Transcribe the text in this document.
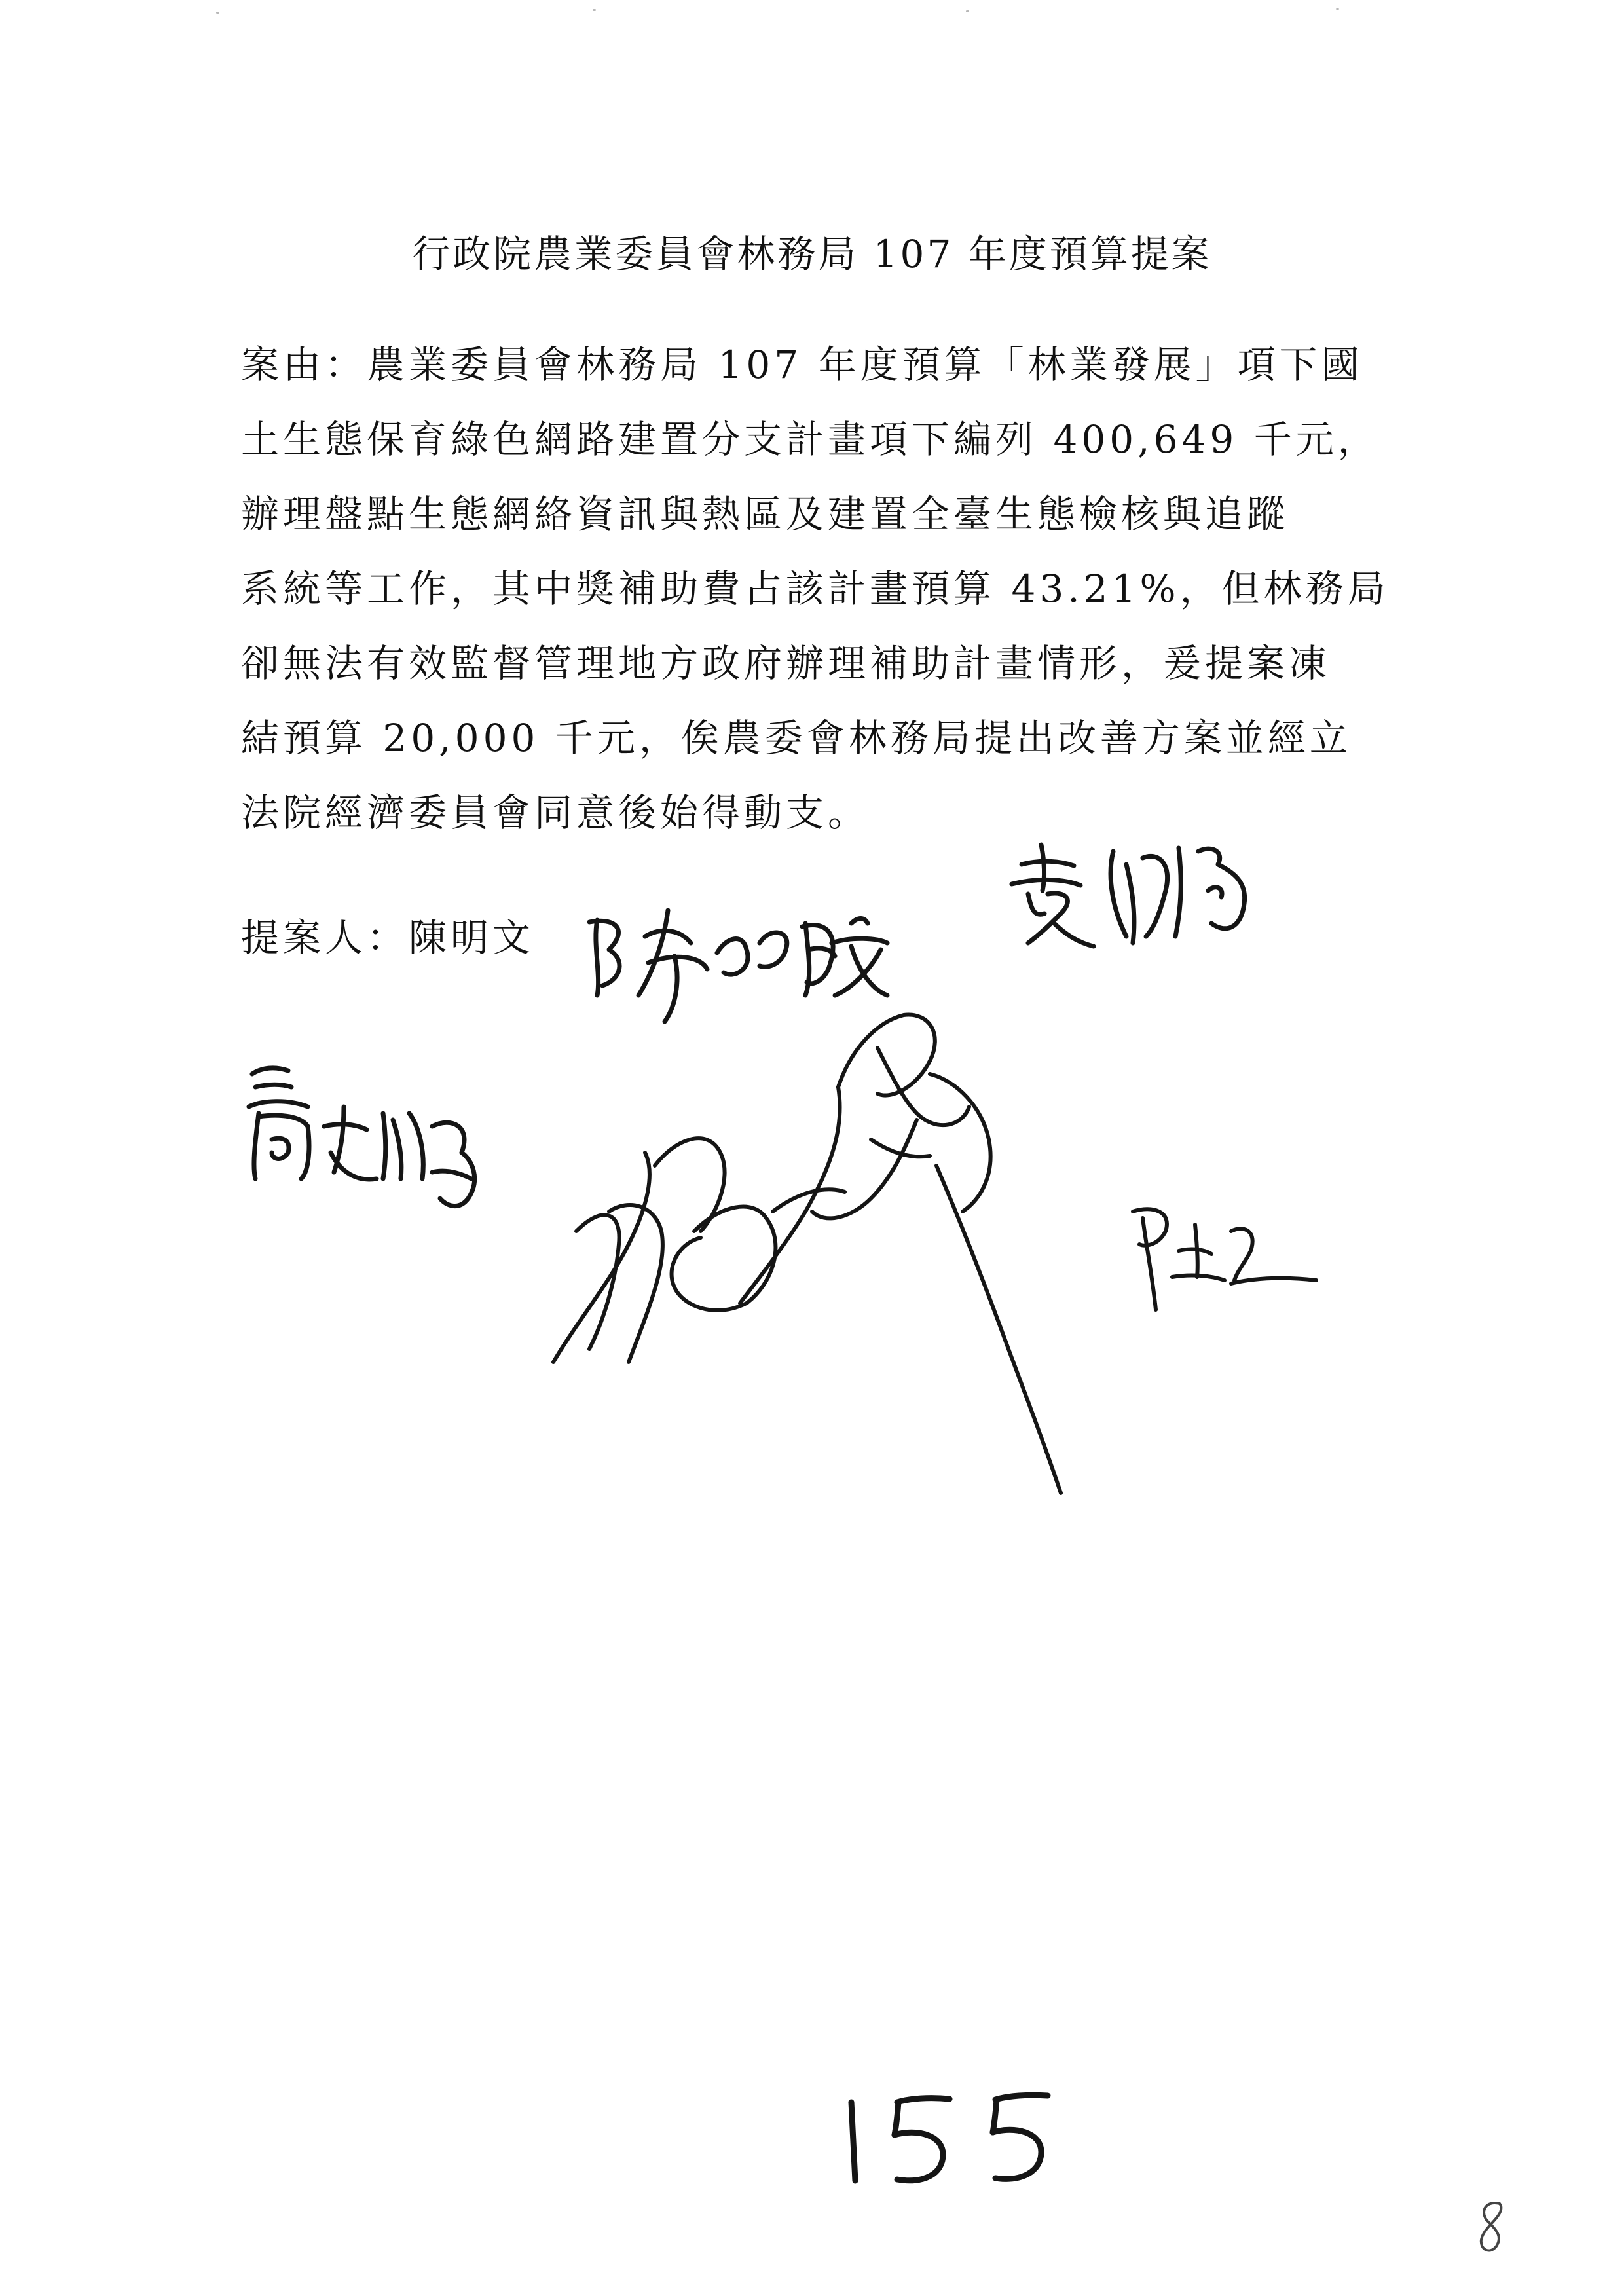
行政院農業委員會林務局 107 年度預算提案
案由：農業委員會林務局 107 年度預算「林業發展」項下國
土生態保育綠色網路建置分支計畫項下編列 400,649 千元，
辦理盤點生態網絡資訊與熱區及建置全臺生態檢核與追蹤
系統等工作，其中獎補助費占該計畫預算 43.21%，但林務局
卻無法有效監督管理地方政府辦理補助計畫情形，爰提案凍
結預算 20,000 千元，俟農委會林務局提出改善方案並經立
法院經濟委員會同意後始得動支。
提案人：陳明文
